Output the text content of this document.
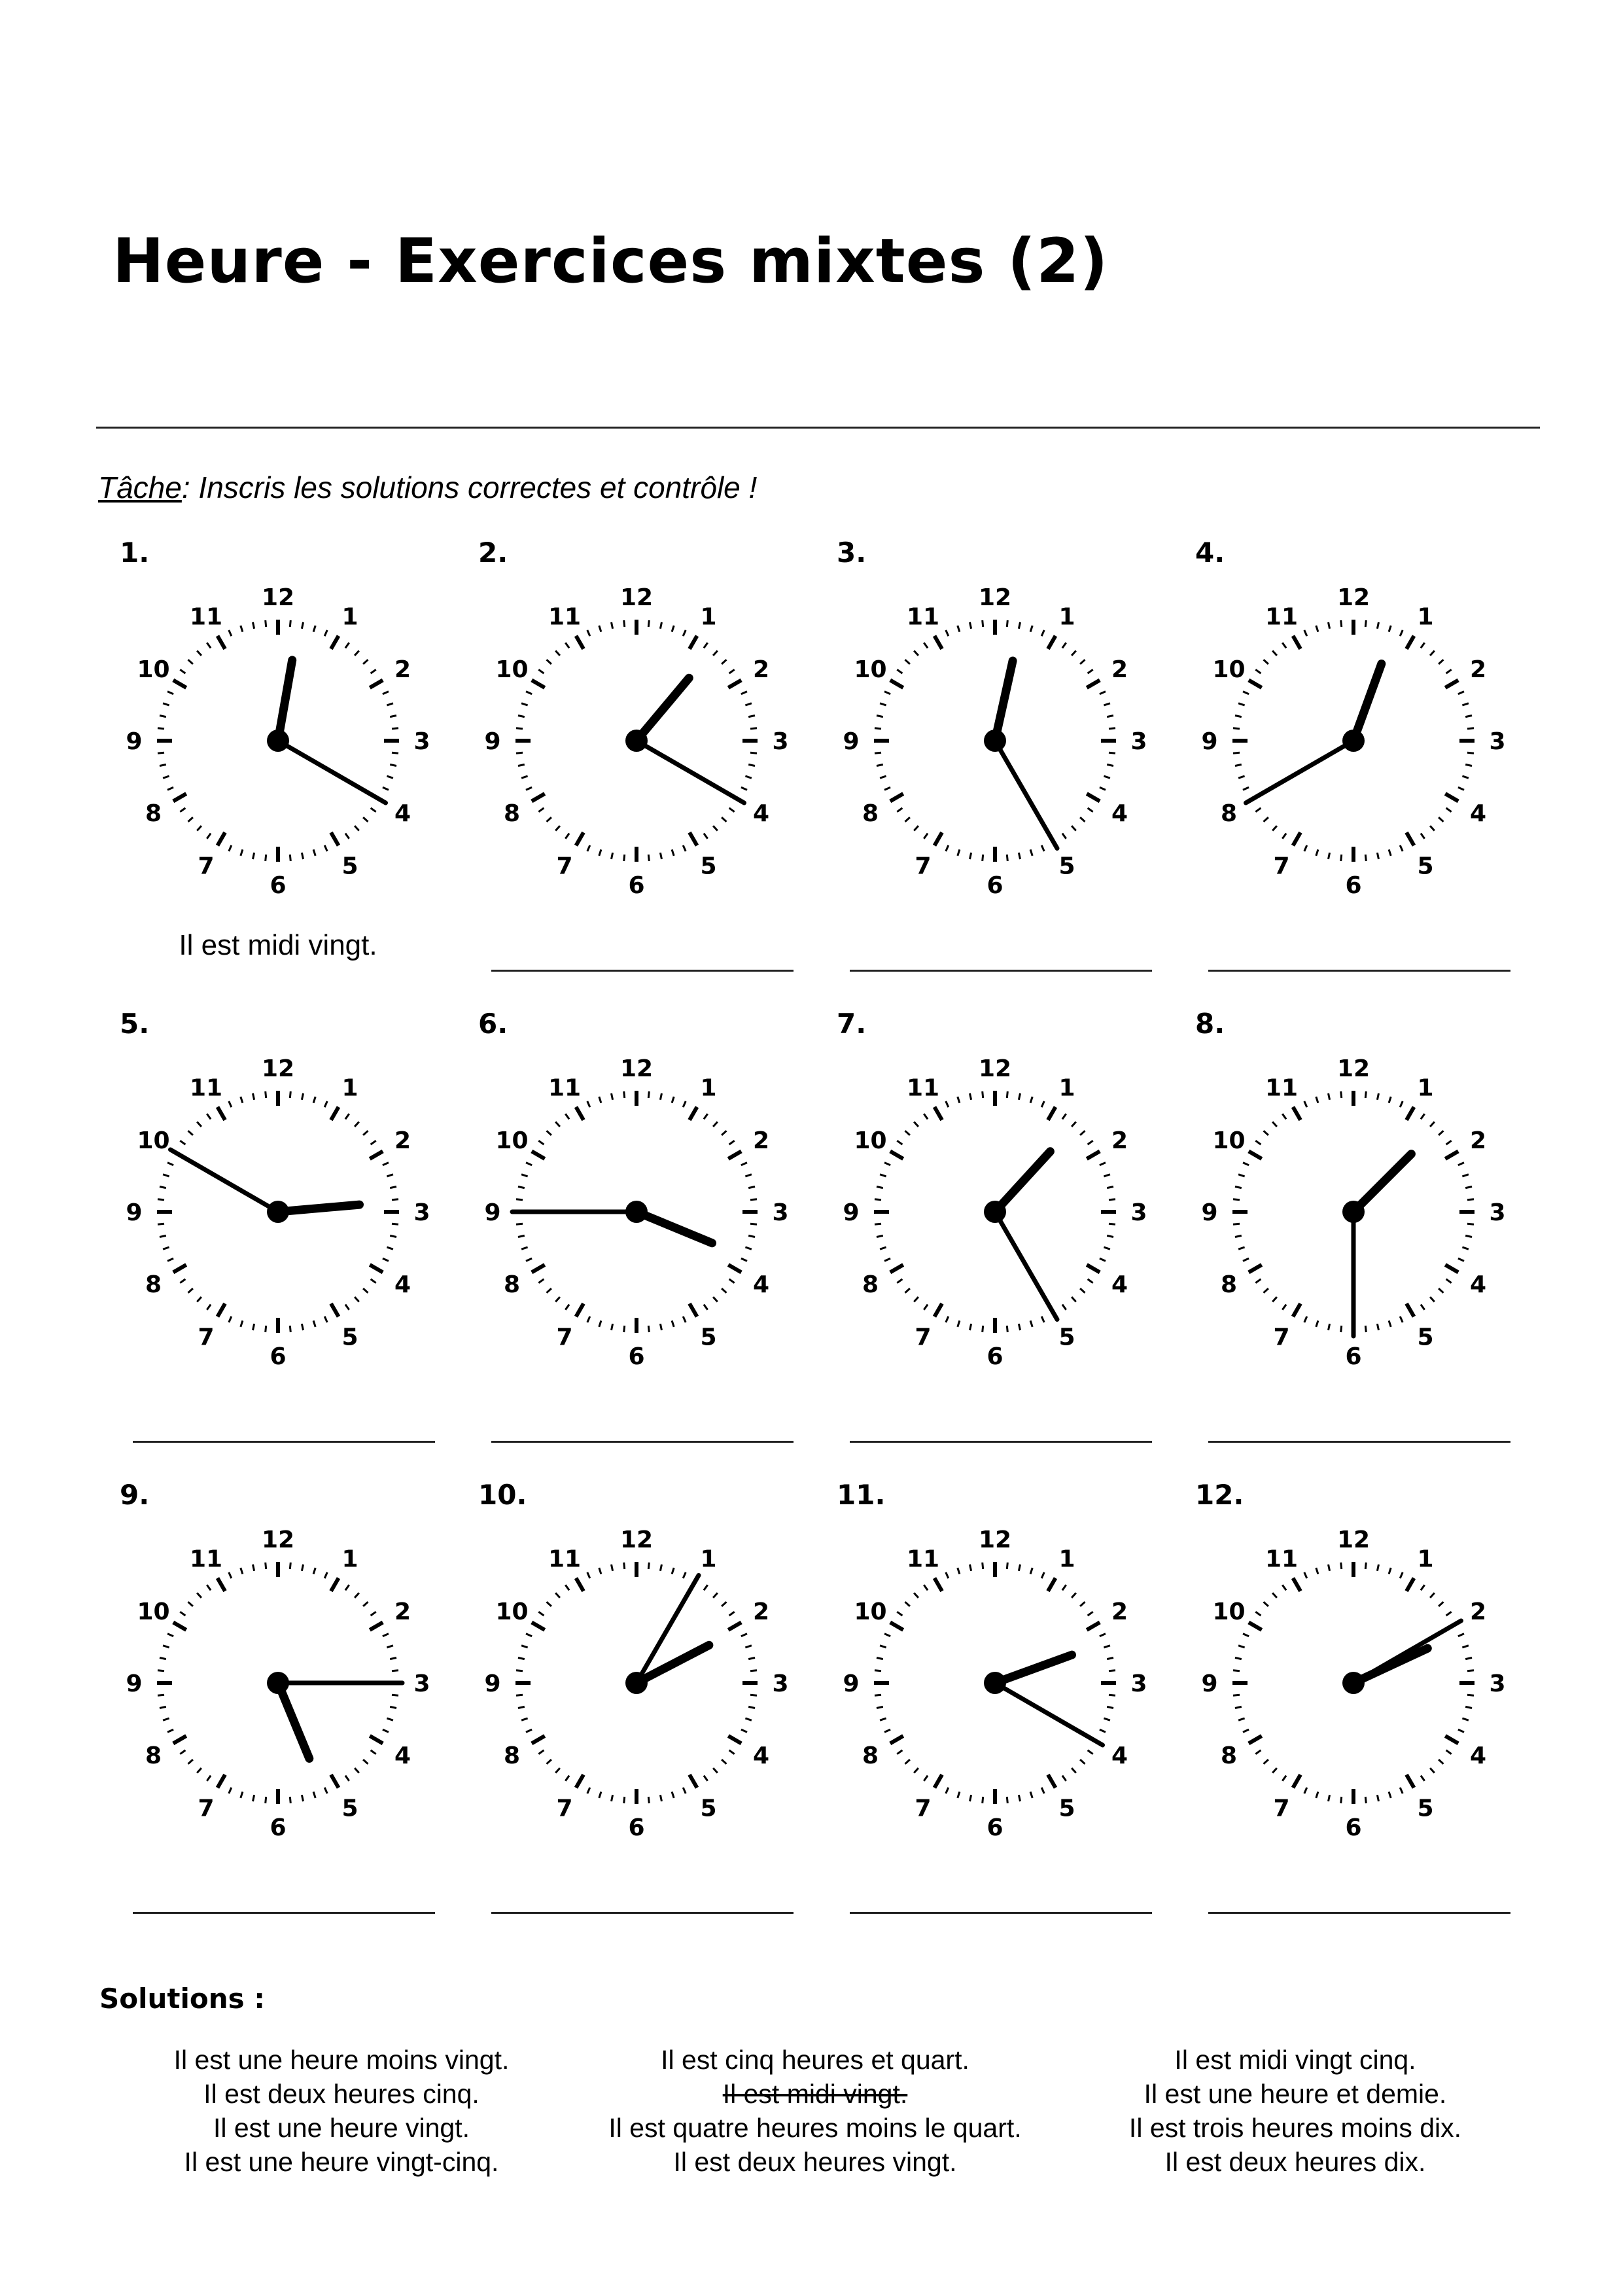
Heure - Exercices mixtes (2)
Tâche: Inscris les solutions correctes et contrôle !
1.
12
1
2
3
4
5
6
7
8
9
10
11
Il est midi vingt.
2.
12
1
2
3
4
5
6
7
8
9
10
11
3.
12
1
2
3
4
5
6
7
8
9
10
11
4.
12
1
2
3
4
5
6
7
8
9
10
11
5.
12
1
2
3
4
5
6
7
8
9
10
11
6.
12
1
2
3
4
5
6
7
8
9
10
11
7.
12
1
2
3
4
5
6
7
8
9
10
11
8.
12
1
2
3
4
5
6
7
8
9
10
11
9.
12
1
2
3
4
5
6
7
8
9
10
11
10.
12
1
2
3
4
5
6
7
8
9
10
11
11.
12
1
2
3
4
5
6
7
8
9
10
11
12.
12
1
2
3
4
5
6
7
8
9
10
11
Solutions :
Il est une heure moins vingt.
Il est deux heures cinq.
Il est une heure vingt.
Il est une heure vingt-cinq.
Il est cinq heures et quart.
Il est midi vingt.
Il est quatre heures moins le quart.
Il est deux heures vingt.
Il est midi vingt cinq.
Il est une heure et demie.
Il est trois heures moins dix.
Il est deux heures dix.
